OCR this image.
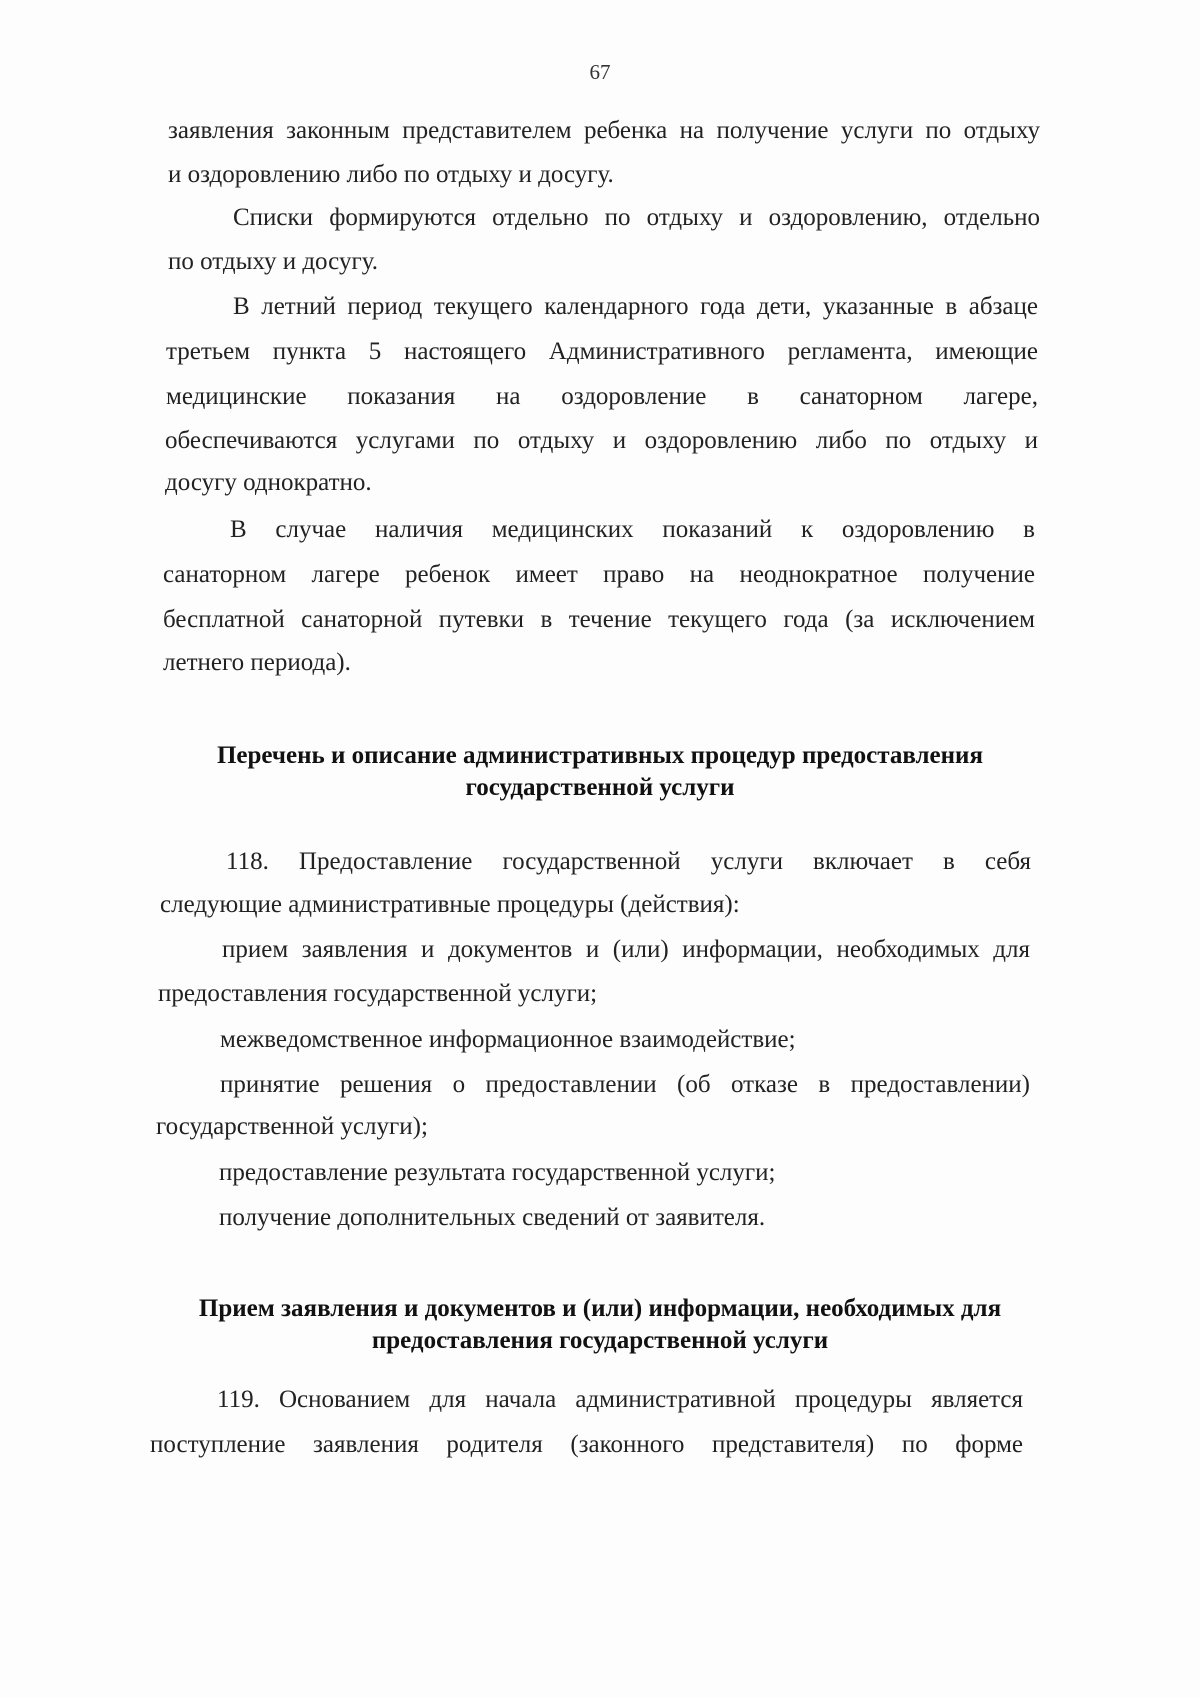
67
заявления законным представителем ребенка на получение услуги по отдыху
и оздоровлению либо по отдыху и досугу.
Списки формируются отдельно по отдыху и оздоровлению, отдельно
по отдыху и досугу.
В летний период текущего календарного года дети, указанные в абзаце
третьем пункта 5 настоящего Административного регламента, имеющие
медицинские показания на оздоровление в санаторном лагере,
обеспечиваются услугами по отдыху и оздоровлению либо по отдыху и
досугу однократно.
В случае наличия медицинских показаний к оздоровлению в
санаторном лагере ребенок имеет право на неоднократное получение
бесплатной санаторной путевки в течение текущего года (за исключением
летнего периода).
Перечень и описание административных процедур предоставления
государственной услуги
118. Предоставление государственной услуги включает в себя
следующие административные процедуры (действия):
прием заявления и документов и (или) информации, необходимых для
предоставления государственной услуги;
межведомственное информационное взаимодействие;
принятие решения о предоставлении (об отказе в предоставлении)
государственной услуги);
предоставление результата государственной услуги;
получение дополнительных сведений от заявителя.
Прием заявления и документов и (или) информации, необходимых для
предоставления государственной услуги
119. Основанием для начала административной процедуры является
поступление заявления родителя (законного представителя) по форме
